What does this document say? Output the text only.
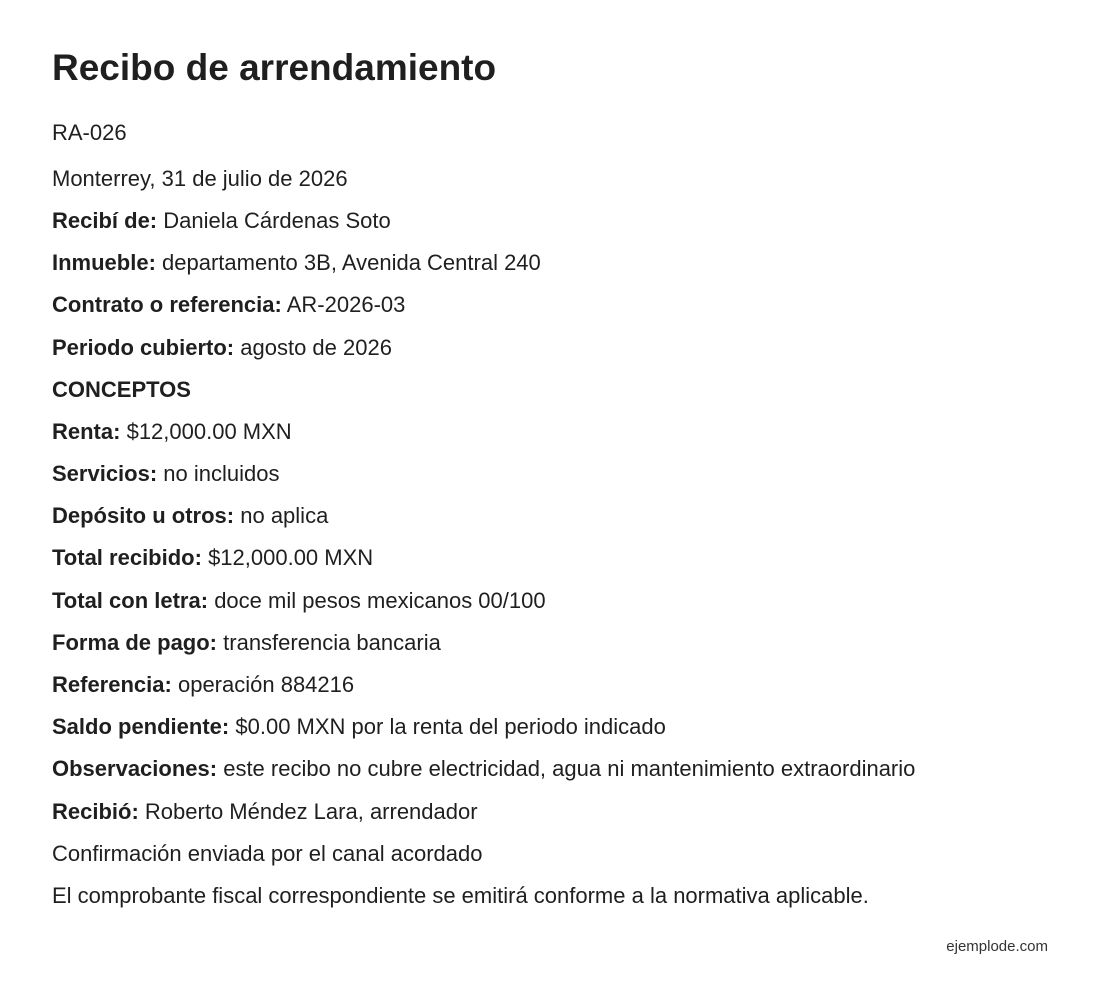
Recibo de arrendamiento

RA-026

Monterrey, 31 de julio de 2026

Recibí de: Daniela Cárdenas Soto

Inmueble: departamento 3B, Avenida Central 240

Contrato o referencia: AR-2026-03

Periodo cubierto: agosto de 2026

CONCEPTOS

Renta: $12,000.00 MXN

Servicios: no incluidos

Depósito u otros: no aplica

Total recibido: $12,000.00 MXN

Total con letra: doce mil pesos mexicanos 00/100

Forma de pago: transferencia bancaria

Referencia: operación 884216

Saldo pendiente: $0.00 MXN por la renta del periodo indicado

Observaciones: este recibo no cubre electricidad, agua ni mantenimiento extraordinario

Recibió: Roberto Méndez Lara, arrendador

Confirmación enviada por el canal acordado

El comprobante fiscal correspondiente se emitirá conforme a la normativa aplicable.

ejemplode.com
